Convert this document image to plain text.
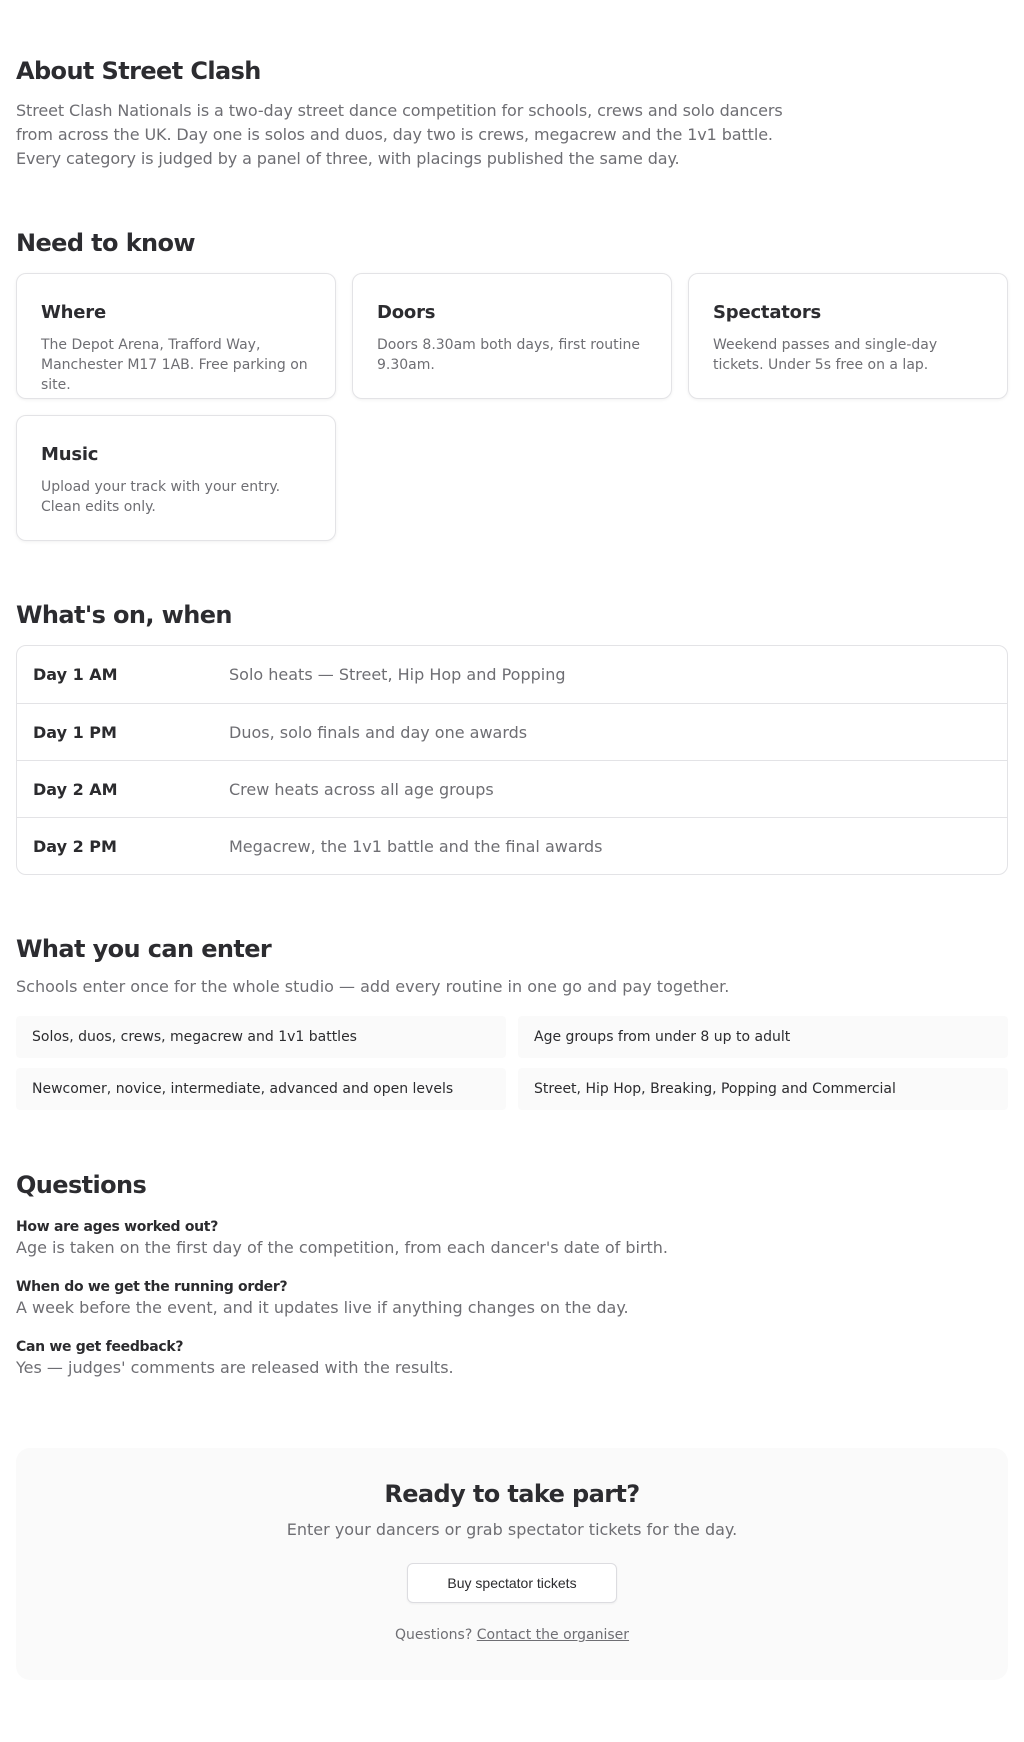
About Street Clash

Street Clash Nationals is a two-day street dance competition for schools, crews and solo dancers from across the UK. Day one is solos and duos, day two is crews, megacrew and the 1v1 battle. Every category is judged by a panel of three, with placings published the same day.

Need to know
Where

The Depot Arena, Trafford Way, Manchester M17 1AB. Free parking on site.

Doors

Doors 8.30am both days, first routine 9.30am.

Spectators

Weekend passes and single-day tickets. Under 5s free on a lap.

Music

Upload your track with your entry. Clean edits only.

What's on, when
Day 1 AM	Solo heats — Street, Hip Hop and Popping
Day 1 PM	Duos, solo finals and day one awards
Day 2 AM	Crew heats across all age groups
Day 2 PM	Megacrew, the 1v1 battle and the final awards
What you can enter

Schools enter once for the whole studio — add every routine in one go and pay together.

Solos, duos, crews, megacrew and 1v1 battles	Age groups from under 8 up to adult
Newcomer, novice, intermediate, advanced and open levels	Street, Hip Hop, Breaking, Popping and Commercial
Questions
How are ages worked out?
Age is taken on the first day of the competition, from each dancer's date of birth.
When do we get the running order?
A week before the event, and it updates live if anything changes on the day.
Can we get feedback?
Yes — judges' comments are released with the results.
Ready to take part?

Enter your dancers or grab spectator tickets for the day.

Buy spectator tickets

Questions? Contact the organiser
